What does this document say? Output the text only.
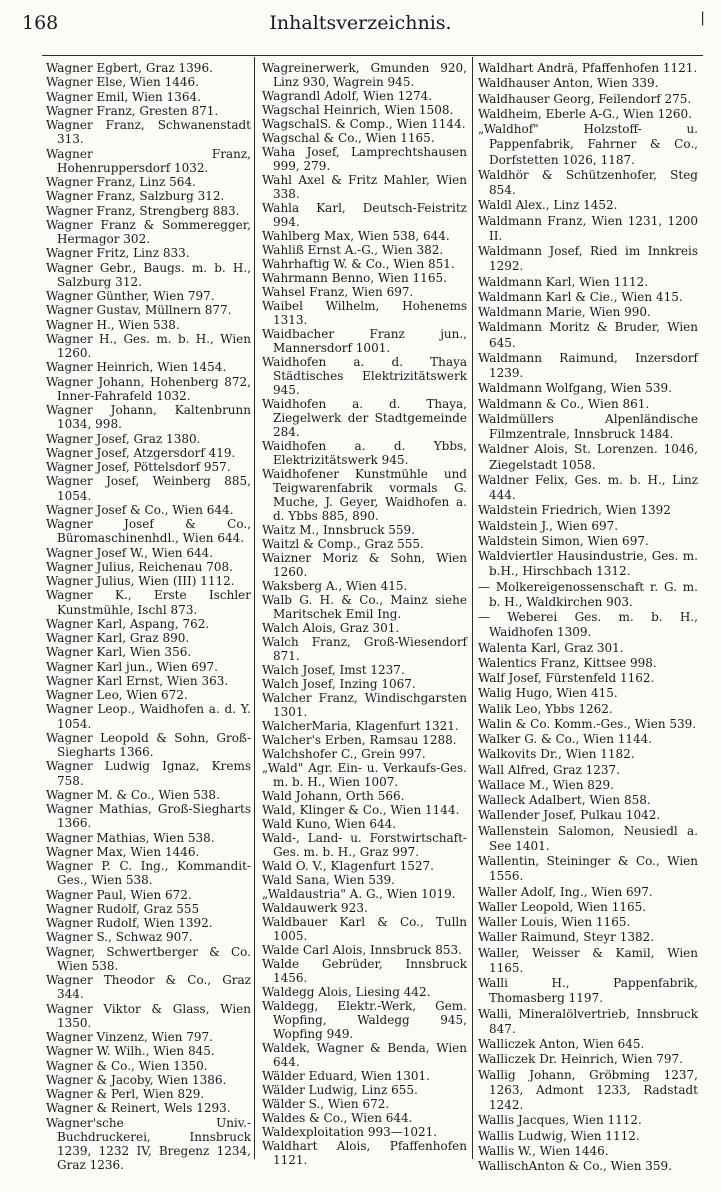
168	Inhaltsverzeichnis.	|

Wagner Egbert, Graz 1396.

Wagner Else, Wien 1446.

Wagner Emil, Wien 1364.

Wagner Franz, Gresten 871.

Wagner Franz, Schwanenstadt 313.

Wagner Franz, Hohenruppersdorf 1032.

Wagner Franz, Linz 564.

Wagner Franz, Salzburg 312.

Wagner Franz, Strengberg 883.

Wagner Franz & Sommeregger, Hermagor 302.

Wagner Fritz, Linz 833.

Wagner Gebr., Baugs. m. b. H., Salzburg 312.

Wagner Günther, Wien 797.

Wagner Gustav, Müllnern 877.

Wagner H., Wien 538.

Wagner H., Ges. m. b. H., Wien 1260.

Wagner Heinrich, Wien 1454.

Wagner Johann, Hohenberg 872, Inner-Fahrafeld 1032.

Wagner Johann, Kaltenbrunn 1034, 998.

Wagner Josef, Graz 1380.

Wagner Josef, Atzgersdorf 419.

Wagner Josef, Pöttelsdorf 957.

Wagner Josef, Weinberg 885, 1054.

Wagner Josef & Co., Wien 644.

Wagner Josef & Co., Büromaschinenhdl., Wien 644.

Wagner Josef W., Wien 644.

Wagner Julius, Reichenau 708.

Wagner Julius, Wien (III) 1112.

Wagner K., Erste Ischler Kunstmühle, Ischl 873.

Wagner Karl, Aspang, 762.

Wagner Karl, Graz 890.

Wagner Karl, Wien 356.

Wagner Karl jun., Wien 697.

Wagner Karl Ernst, Wien 363.

Wagner Leo, Wien 672.

Wagner Leop., Waidhofen a. d. Y. 1054.

Wagner Leopold & Sohn, Groß-Siegharts 1366.

Wagner Ludwig Ignaz, Krems 758.

Wagner M. & Co., Wien 538.

Wagner Mathias, Groß-Siegharts 1366.

Wagner Mathias, Wien 538.

Wagner Max, Wien 1446.

Wagner P. C. Ing., Kommandit-Ges., Wien 538.

Wagner Paul, Wien 672.

Wagner Rudolf, Graz 555

Wagner Rudolf, Wien 1392.

Wagner S., Schwaz 907.

Wagner, Schwertberger & Co. Wien 538.

Wagner Theodor & Co., Graz 344.

Wagner Viktor & Glass, Wien 1350.

Wagner Vinzenz, Wien 797.

Wagner W. Wilh., Wien 845.

Wagner & Co., Wien 1350.

Wagner & Jacoby, Wien 1386.

Wagner & Perl, Wien 829.

Wagner & Reinert, Wels 1293.

Wagner'sche Univ.-Buchdruckerei, Innsbruck 1239, 1232 IV, Bregenz 1234, Graz 1236.

Wagreinerwerk, Gmunden 920, Linz 930, Wagrein 945.

Wagrandl Adolf, Wien 1274.

Wagschal Heinrich, Wien 1508.

WagschalS. & Comp., Wien 1144.

Wagschal & Co., Wien 1165.

Waha Josef, Lamprechtshausen 999, 279.

Wahl Axel & Fritz Mahler, Wien 338.

Wahla Karl, Deutsch-Feistritz 994.

Wahlberg Max, Wien 538, 644.

Wahliß Ernst A.-G., Wien 382.

Wahrhaftig W. & Co., Wien 851.

Wahrmann Benno, Wien 1165.

Wahsel Franz, Wien 697.

Waibel Wilhelm, Hohenems 1313.

Waidbacher Franz jun., Mannersdorf 1001.

Waidhofen a. d. Thaya Städtisches Elektrizitätswerk 945.

Waidhofen a. d. Thaya, Ziegelwerk der Stadtgemeinde 284.

Waidhofen a. d. Ybbs, Elektrizitätswerk 945.

Waidhofener Kunstmühle und Teigwarenfabrik vormals G. Muche, J. Geyer, Waidhofen a. d. Ybbs 885, 890.

Waitz M., Innsbruck 559.

Waitzl & Comp., Graz 555.

Waizner Moriz & Sohn, Wien 1260.

Waksberg A., Wien 415.

Walb G. H. & Co., Mainz siehe Maritschek Emil Ing.

Walch Alois, Graz 301.

Walch Franz, Groß-Wiesendorf 871.

Walch Josef, Imst 1237.

Walch Josef, Inzing 1067.

Walcher Franz, Windischgarsten 1301.

WalcherMaria, Klagenfurt 1321.

Walcher's Erben, Ramsau 1288.

Walchshofer C., Grein 997.

„Wald" Agr. Ein- u. Verkaufs-Ges. m. b. H., Wien 1007.

Wald Johann, Orth 566.

Wald, Klinger & Co., Wien 1144.

Wald Kuno, Wien 644.

Wald-, Land- u. Forstwirtschaft-Ges. m. b. H., Graz 997.

Wald O. V., Klagenfurt 1527.

Wald Sana, Wien 539.

„Waldaustria" A. G., Wien 1019.

Waldauwerk 923.

Waldbauer Karl & Co., Tulln 1005.

Walde Carl Alois, Innsbruck 853.

Walde Gebrüder, Innsbruck 1456.

Waldegg Alois, Liesing 442.

Waldegg, Elektr.-Werk, Gem. Wopfing, Waldegg 945, Wopfing 949.

Waldek, Wagner & Benda, Wien 644.

Wälder Eduard, Wien 1301.

Wälder Ludwig, Linz 655.

Wälder S., Wien 672.

Waldes & Co., Wien 644.

Waldexploitation 993—1021.

Waldhart Alois, Pfaffenhofen 1121.

Waldhart Andrä, Pfaffenhofen 1121.

Waldhauser Anton, Wien 339.

Waldhauser Georg, Feilendorf 275.

Waldheim, Eberle A-G., Wien 1260.

„Waldhof" Holzstoff- u. Pappenfabrik, Fahrner & Co., Dorfstetten 1026, 1187.

Waldhör & Schützenhofer, Steg 854.

Waldl Alex., Linz 1452.

Waldmann Franz, Wien 1231, 1200 II.

Waldmann Josef, Ried im Innkreis 1292.

Waldmann Karl, Wien 1112.

Waldmann Karl & Cie., Wien 415.

Waldmann Marie, Wien 990.

Waldmann Moritz & Bruder, Wien 645.

Waldmann Raimund, Inzersdorf 1239.

Waldmann Wolfgang, Wien 539.

Waldmann & Co., Wien 861.

Waldmüllers Alpenländische Filmzentrale, Innsbruck 1484.

Waldner Alois, St. Lorenzen. 1046, Ziegelstadt 1058.

Waldner Felix, Ges. m. b. H., Linz 444.

Waldstein Friedrich, Wien 1392

Waldstein J., Wien 697.

Waldstein Simon, Wien 697.

Waldviertler Hausindustrie, Ges. m. b.H., Hirschbach 1312.

— Molkereigenossenschaft r. G. m. b. H., Waldkirchen 903.

— Weberei Ges. m. b. H., Waidhofen 1309.

Walenta Karl, Graz 301.

Walentics Franz, Kittsee 998.

Walf Josef, Fürstenfeld 1162.

Walig Hugo, Wien 415.

Walik Leo, Ybbs 1262.

Walin & Co. Komm.-Ges., Wien 539.

Walker G. & Co., Wien 1144.

Walkovits Dr., Wien 1182.

Wall Alfred, Graz 1237.

Wallace M., Wien 829.

Walleck Adalbert, Wien 858.

Wallender Josef, Pulkau 1042.

Wallenstein Salomon, Neusiedl a. See 1401.

Wallentin, Steininger & Co., Wien 1556.

Waller Adolf, Ing., Wien 697.

Waller Leopold, Wien 1165.

Waller Louis, Wien 1165.

Waller Raimund, Steyr 1382.

Waller, Weisser & Kamil, Wien 1165.

Walli H., Pappenfabrik, Thomasberg 1197.

Walli, Mineralölvertrieb, Innsbruck 847.

Walliczek Anton, Wien 645.

Walliczek Dr. Heinrich, Wien 797.

Wallig Johann, Gröbming 1237, 1263, Admont 1233, Radstadt 1242.

Wallis Jacques, Wien 1112.

Wallis Ludwig, Wien 1112.

Wallis W., Wien 1446.

WallischAnton & Co., Wien 359.
